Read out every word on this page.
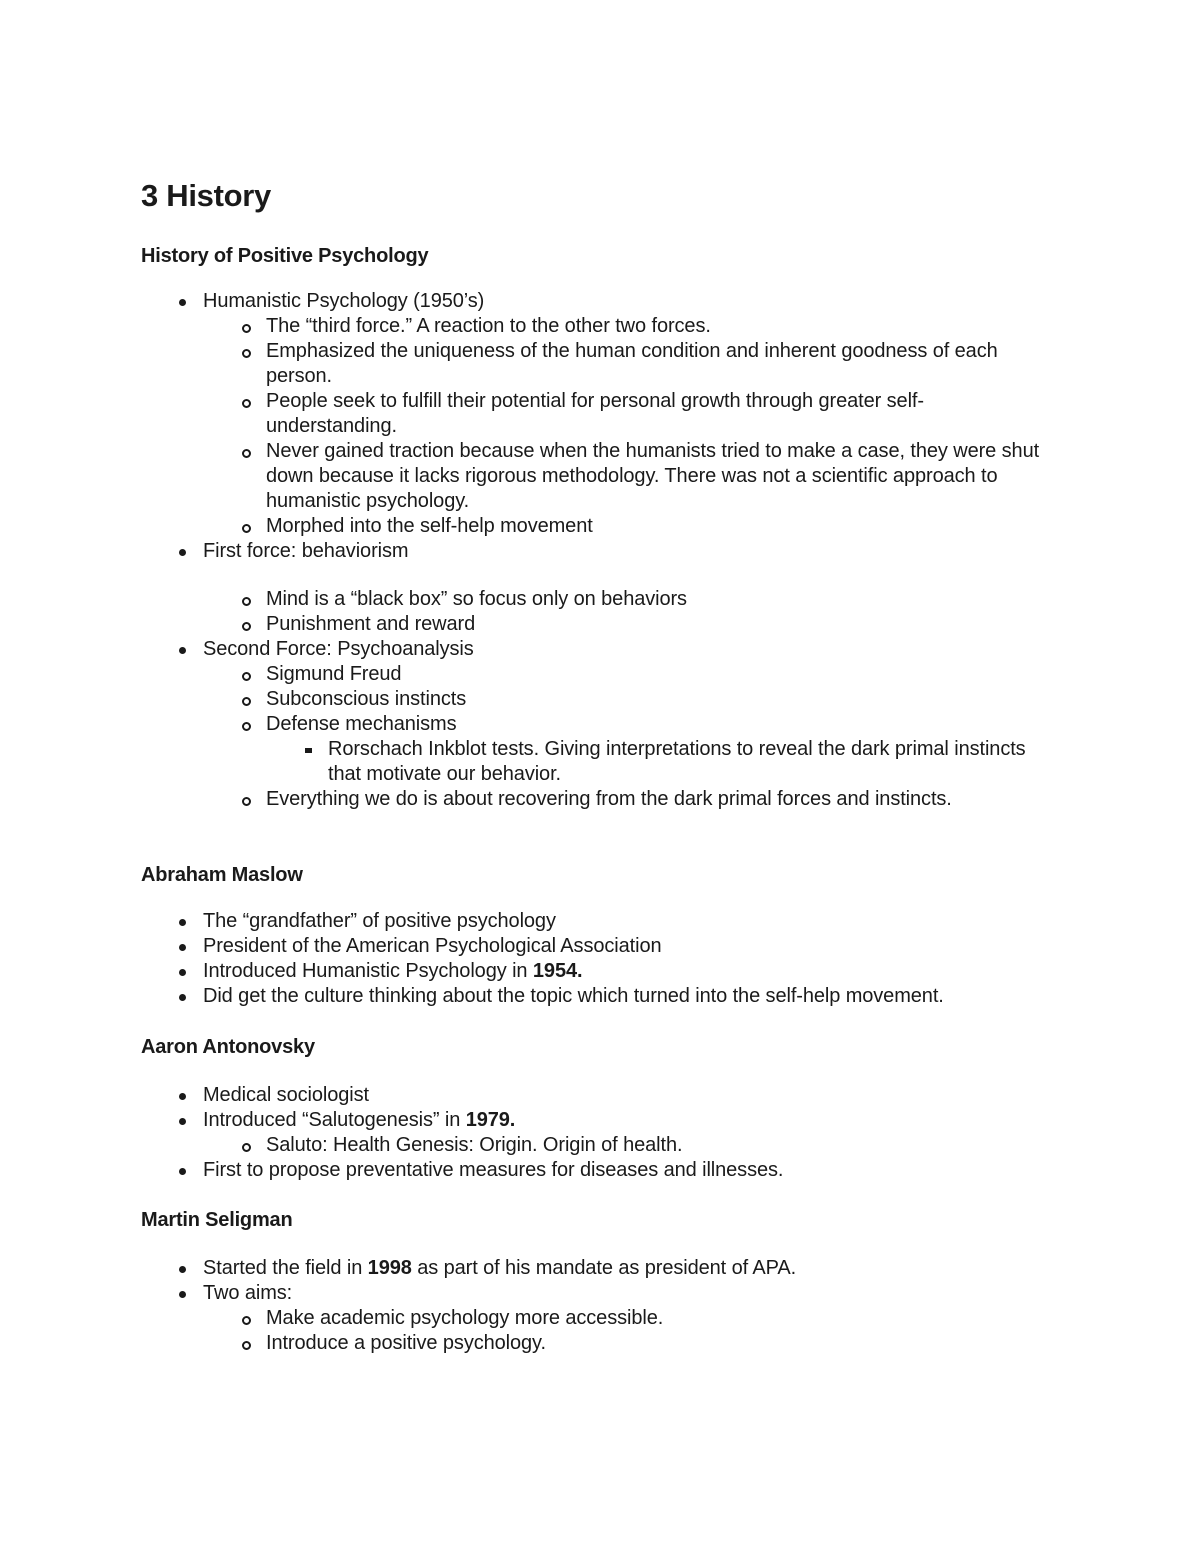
3 History
History of Positive Psychology
Humanistic Psychology (1950’s)
The “third force.” A reaction to the other two forces.
Emphasized the uniqueness of the human condition and inherent goodness of each person.
People seek to fulfill their potential for personal growth through greater self-understanding.
Never gained traction because when the humanists tried to make a case, they were shut down because it lacks rigorous methodology. There was not a scientific approach to humanistic psychology.
Morphed into the self-help movement
First force: behaviorism
Mind is a “black box” so focus only on behaviors
Punishment and reward
Second Force: Psychoanalysis
Sigmund Freud
Subconscious instincts
Defense mechanisms
Rorschach Inkblot tests. Giving interpretations to reveal the dark primal instincts that motivate our behavior.
Everything we do is about recovering from the dark primal forces and instincts.
Abraham Maslow
The “grandfather” of positive psychology
President of the American Psychological Association
Introduced Humanistic Psychology in 1954.
Did get the culture thinking about the topic which turned into the self-help movement.
Aaron Antonovsky
Medical sociologist
Introduced “Salutogenesis” in 1979.
Saluto: Health Genesis: Origin. Origin of health.
First to propose preventative measures for diseases and illnesses.
Martin Seligman
Started the field in 1998 as part of his mandate as president of APA.
Two aims:
Make academic psychology more accessible.
Introduce a positive psychology.
